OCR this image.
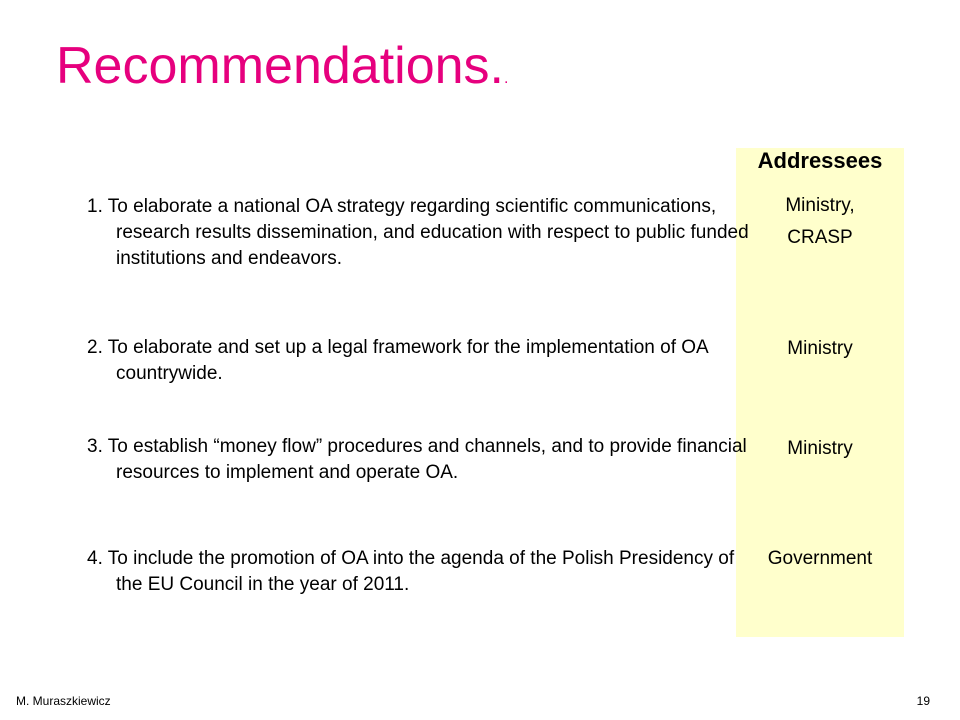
Recommendations..
Addressees
1. To elaborate a national OA strategy regarding scientific communications, research results dissemination, and education with respect to public funded institutions and endeavors.
Ministry,
CRASP
2. To elaborate and set up a legal framework for the implementation of OA countrywide.
Ministry
3. To establish “money flow” procedures and channels, and to provide financial resources to implement and operate OA.
Ministry
4. To include the promotion of OA into the agenda of the Polish Presidency of the EU Council in the year of 2011.
Government
M. Muraszkiewicz	19
